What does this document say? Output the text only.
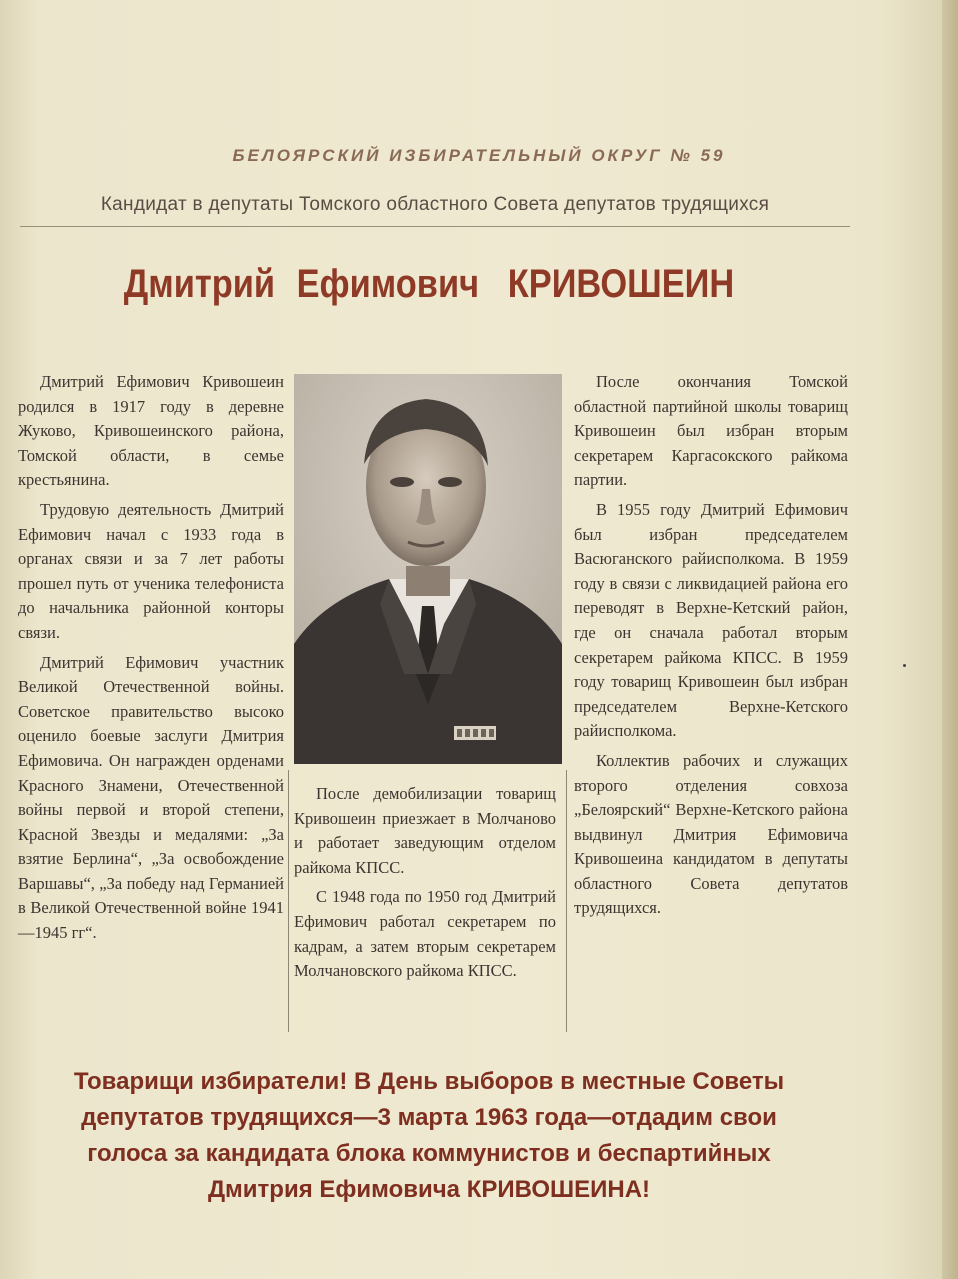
БЕЛОЯРСКИЙ ИЗБИРАТЕЛЬНЫЙ ОКРУГ № 59
Кандидат в депутаты Томского областного Совета депутатов трудящихся
Дмитрий Ефимович КРИВОШЕИН

Дмитрий Ефимович Кривошеин родился в 1917 году в деревне Жуково, Кривошеинского района, Томской области, в семье крестьянина.

Трудовую деятельность Дмитрий Ефимович начал с 1933 года в органах связи и за 7 лет работы прошел путь от ученика телефониста до начальника районной конторы связи.

Дмитрий Ефимович участник Великой Отечественной войны. Советское правительство высоко оценило боевые заслуги Дмитрия Ефимовича. Он награжден орденами Красного Знамени, Отечественной войны первой и второй степени, Красной Звезды и медалями: „За взятие Берлина“, „За освобождение Варшавы“, „За победу над Германией в Великой Отечественной войне 1941—1945 гг“.

После демобилизации товарищ Кривошеин приезжает в Молчаново и работает заведующим отделом райкома КПСС.

С 1948 года по 1950 год Дмитрий Ефимович работал секретарем по кадрам, а затем вторым секретарем Молчановского райкома КПСС.

После окончания Томской областной партийной школы товарищ Кривошеин был избран вторым секретарем Каргасокского райкома партии.

В 1955 году Дмитрий Ефимович был избран председателем Васюганского райисполкома. В 1959 году в связи с ликвидацией района его переводят в Верхне-Кетский район, где он сначала работал вторым секретарем райкома КПСС. В 1959 году товарищ Кривошеин был избран председателем Верхне-Кетского райисполкома.

Коллектив рабочих и служащих второго отделения совхоза „Белоярский“ Верхне-Кетского района выдвинул Дмитрия Ефимовича Кривошеина кандидатом в депутаты областного Совета депутатов трудящихся.

Товарищи избиратели! В День выборов в местные Советы
депутатов трудящихся—3 марта 1963 года—отдадим свои
голоса за кандидата блока коммунистов и беспартийных
Дмитрия Ефимовича КРИВОШЕИНА!
